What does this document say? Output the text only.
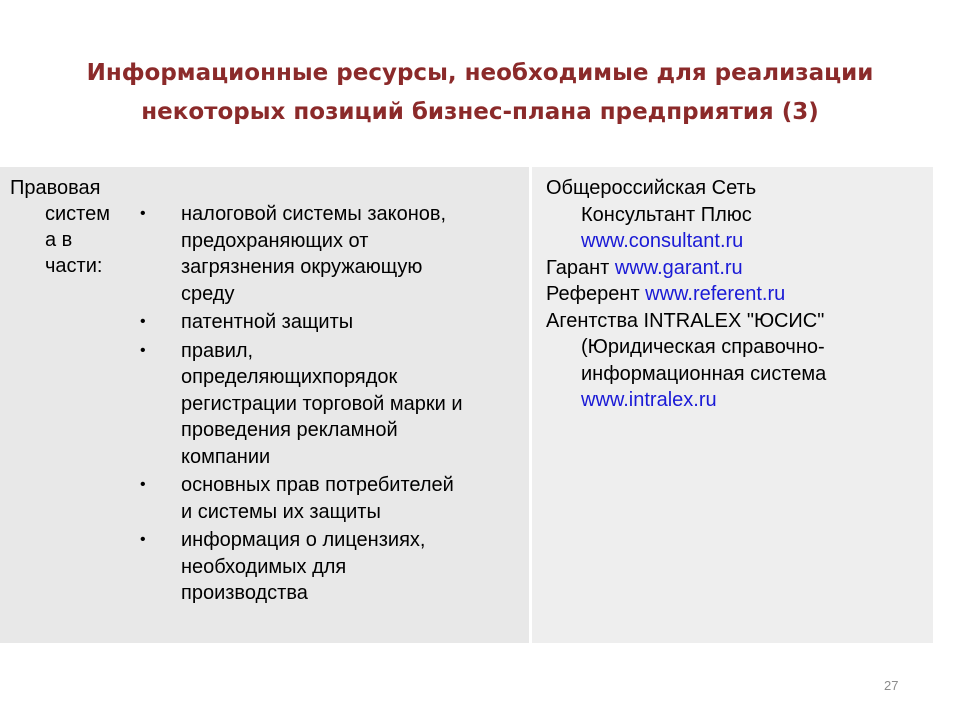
Информационные ресурсы, необходимые для реализации
некоторых позиций бизнес-плана предприятия (3)
Правовая
систем
а в
части:
• налоговой системы законов,
предохраняющих от
загрязнения окружающую
среду
• патентной защиты
• правил,
определяющихпорядок
регистрации торговой марки и
проведения рекламной
компании
• основных прав потребителей
и системы их защиты
• информация о лицензиях,
необходимых для
производства
Общероссийская Сеть
Консультант Плюс
www.consultant.ru
Гарант www.garant.ru
Референт www.referent.ru
Агентства INTRALEX "ЮСИС"
(Юридическая справочно-
информационная система
www.intralex.ru
27
